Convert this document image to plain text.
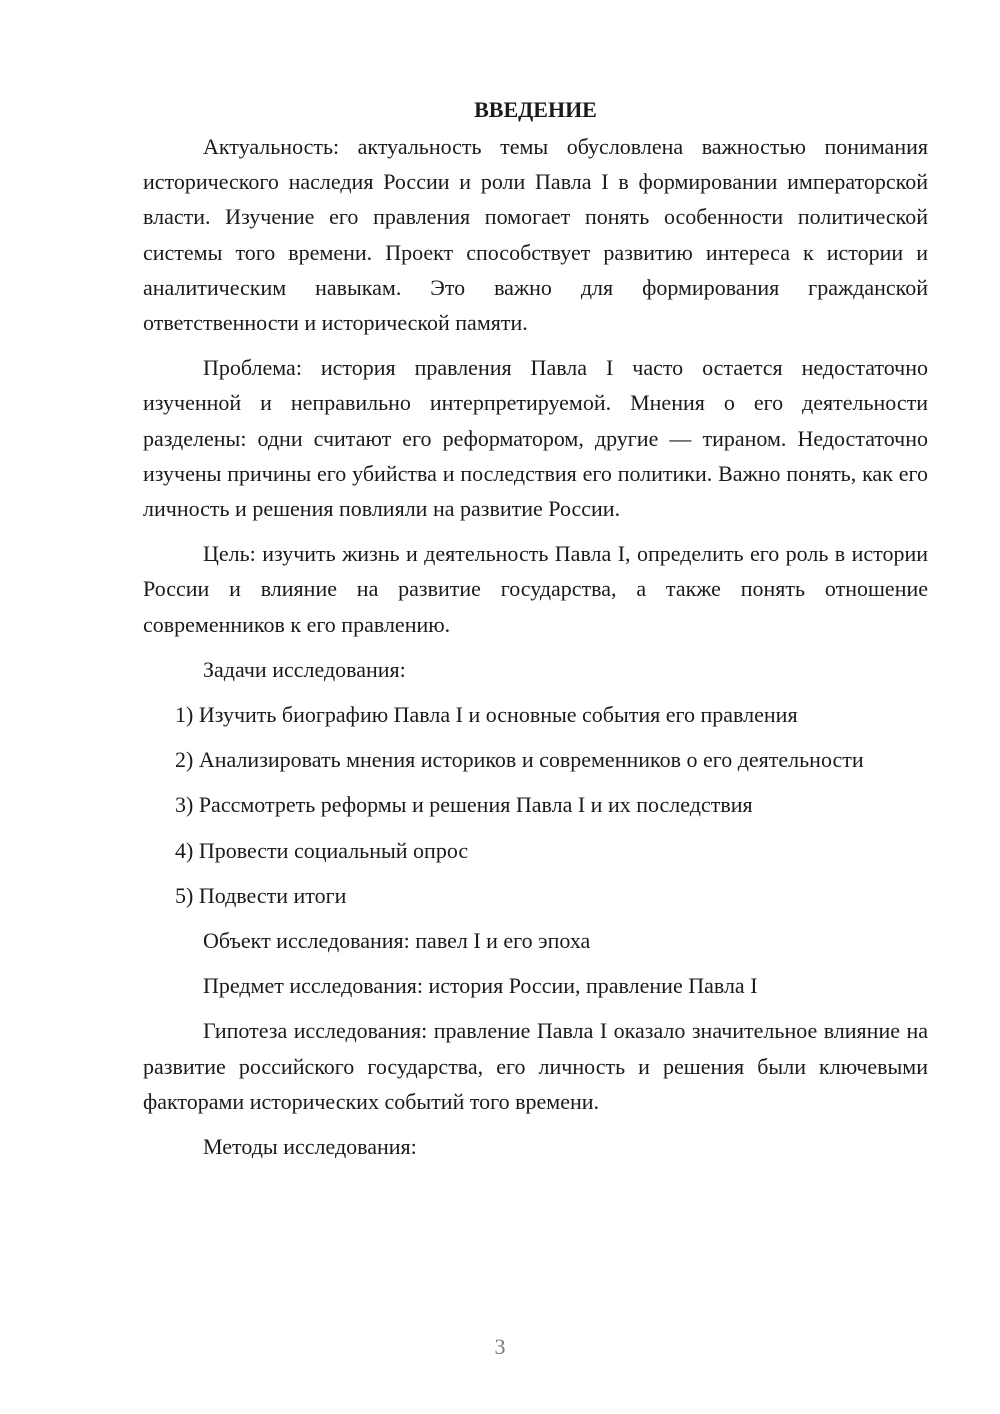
ВВЕДЕНИЕ

Актуальность: актуальность темы обусловлена важностью понимания исторического наследия России и роли Павла I в формировании императорской власти. Изучение его правления помогает понять особенности политической системы того времени. Проект способствует развитию интереса к истории и аналитическим навыкам. Это важно для формирования гражданской ответственности и исторической памяти.

Проблема: история правления Павла I часто остается недостаточно изученной и неправильно интерпретируемой. Мнения о его деятельности разделены: одни считают его реформатором, другие — тираном. Недостаточно изучены причины его убийства и последствия его политики. Важно понять, как его личность и решения повлияли на развитие России.

Цель: изучить жизнь и деятельность Павла I, определить его роль в истории России и влияние на развитие государства, а также понять отношение современников к его правлению.

Задачи исследования:

1) Изучить биографию Павла I и основные события его правления

2) Анализировать мнения историков и современников о его деятельности

3) Рассмотреть реформы и решения Павла I и их последствия

4) Провести социальный опрос

5) Подвести итоги

Объект исследования: павел I и его эпоха

Предмет исследования: история России, правление Павла I

Гипотеза исследования: правление Павла I оказало значительное влияние на развитие российского государства, его личность и решения были ключевыми факторами исторических событий того времени.

Методы исследования:

3
